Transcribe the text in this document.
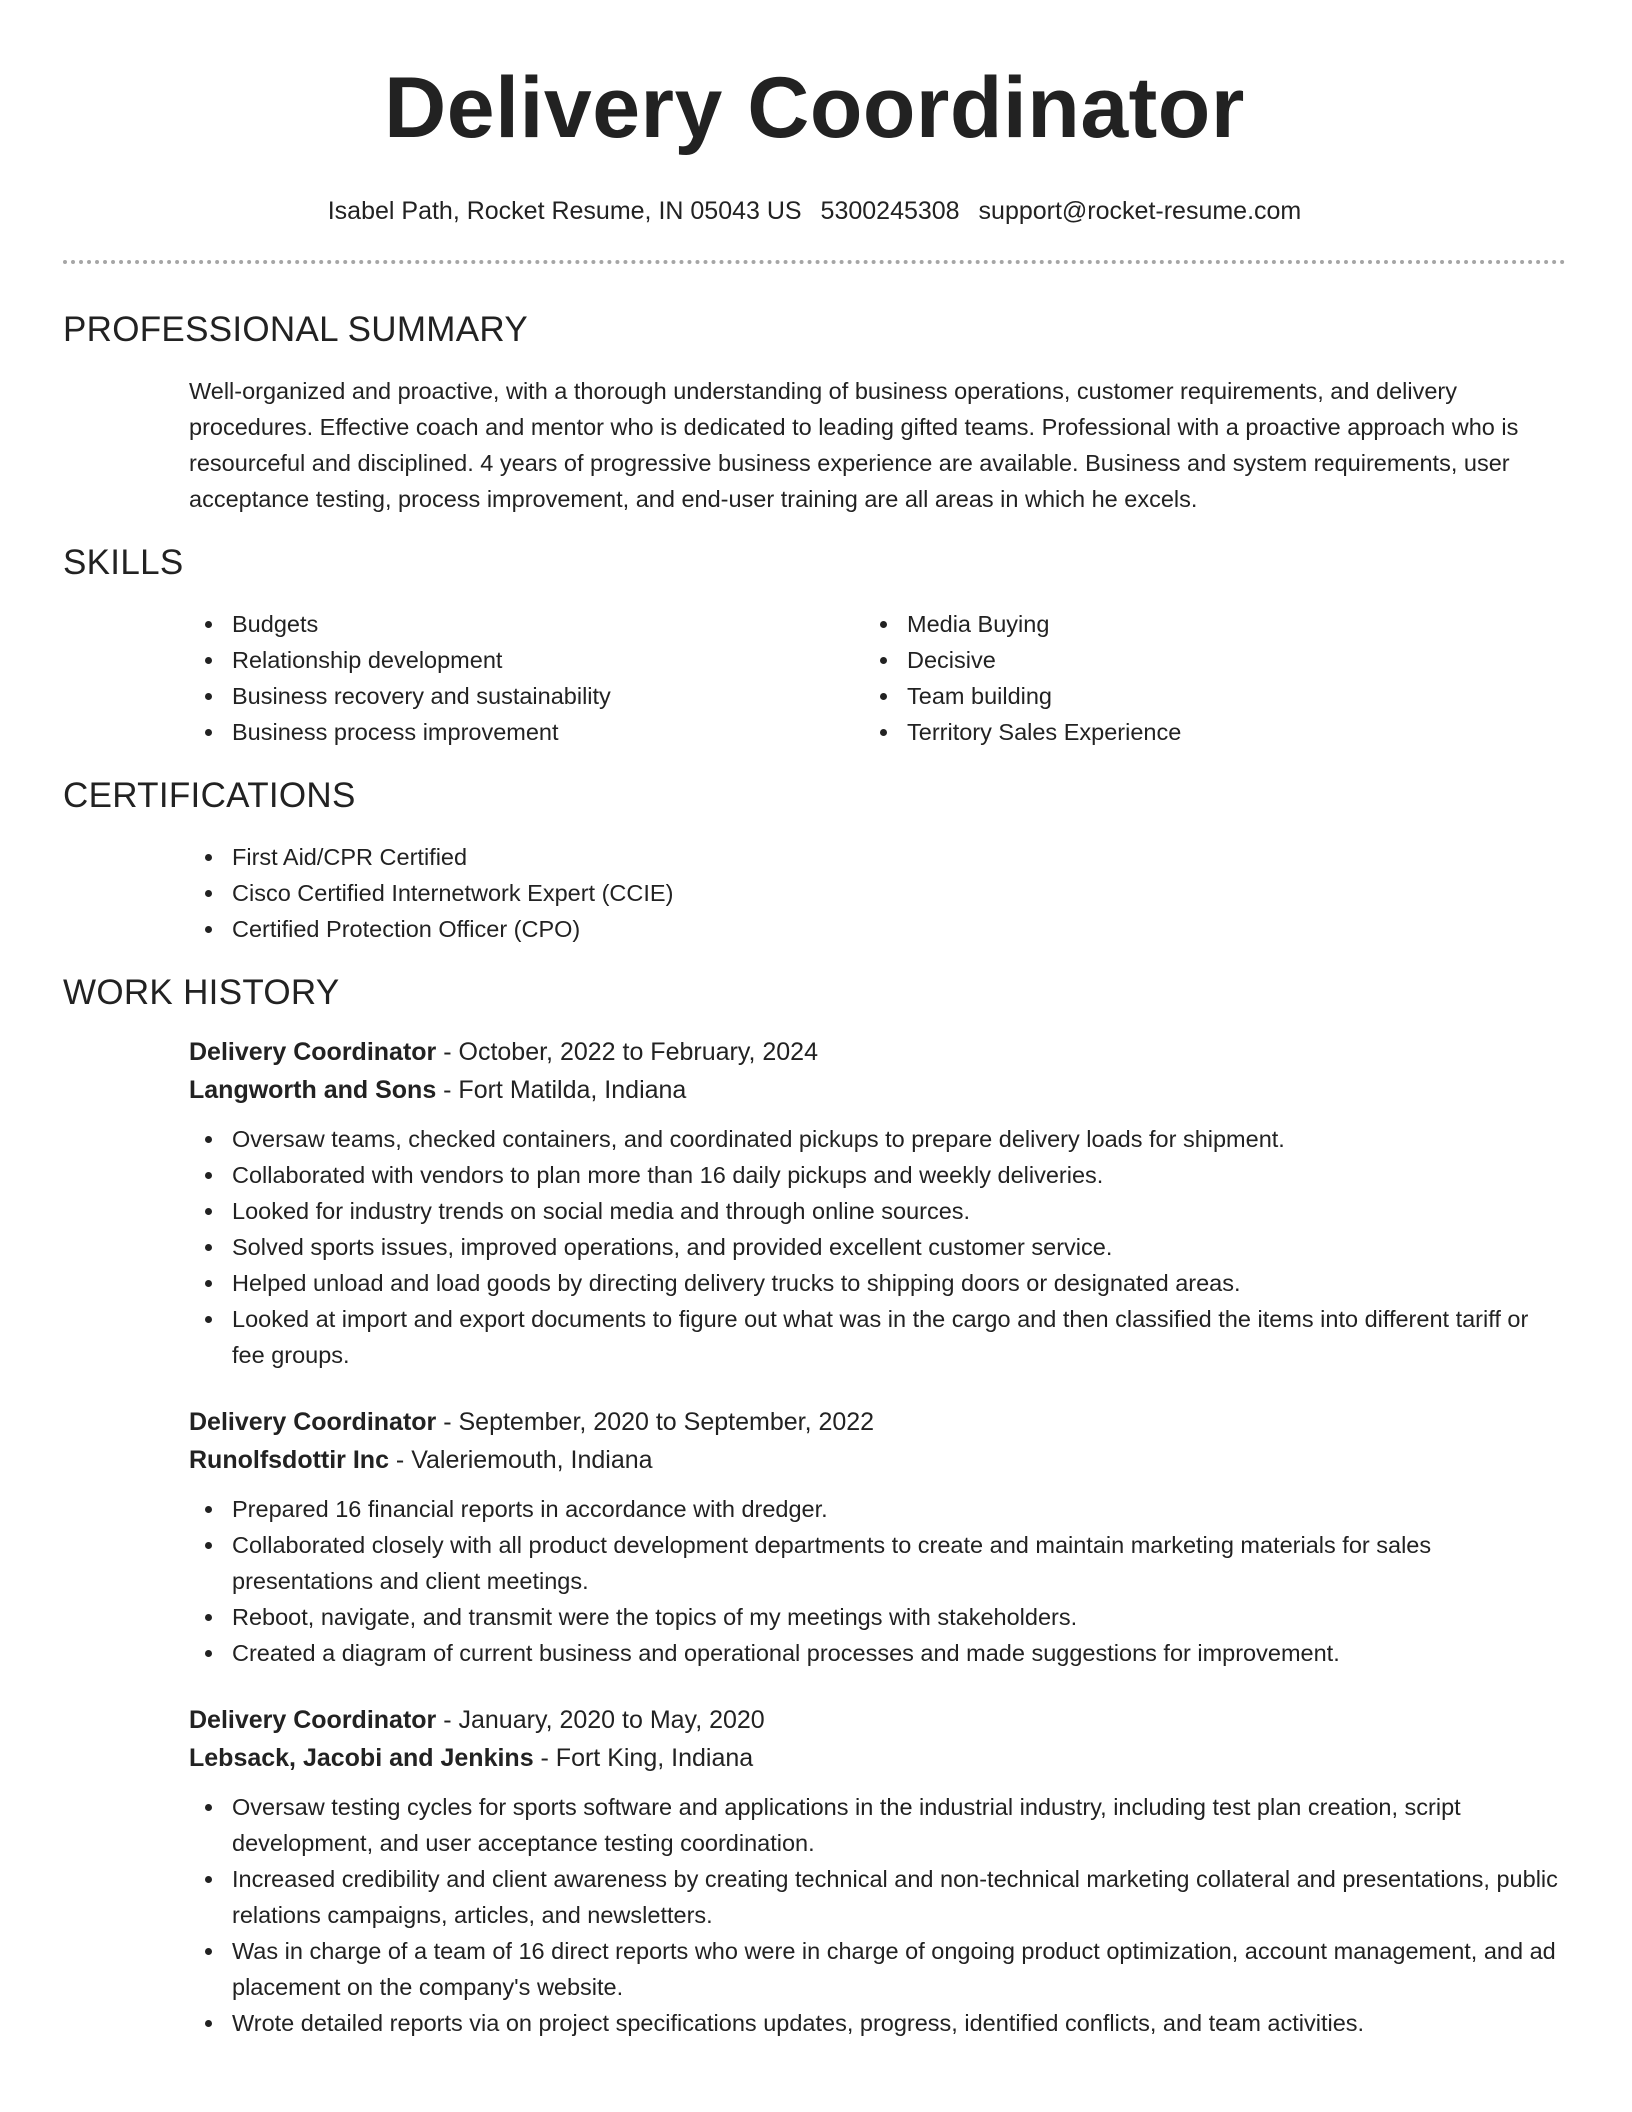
Delivery Coordinator
Isabel Path, Rocket Resume, IN 05043 US 5300245308 support@rocket-resume.com
PROFESSIONAL SUMMARY

Well-organized and proactive, with a thorough understanding of business operations, customer requirements, and delivery procedures. Effective coach and mentor who is dedicated to leading gifted teams. Professional with a proactive approach who is resourceful and disciplined. 4 years of progressive business experience are available. Business and system requirements, user acceptance testing, process improvement, and end-user training are all areas in which he excels.

SKILLS
Budgets
Relationship development
Business recovery and sustainability
Business process improvement
Media Buying
Decisive
Team building
Territory Sales Experience
CERTIFICATIONS
First Aid/CPR Certified
Cisco Certified Internetwork Expert (CCIE)
Certified Protection Officer (CPO)
WORK HISTORY
Delivery Coordinator - October, 2022 to February, 2024
Langworth and Sons - Fort Matilda, Indiana
Oversaw teams, checked containers, and coordinated pickups to prepare delivery loads for shipment.
Collaborated with vendors to plan more than 16 daily pickups and weekly deliveries.
Looked for industry trends on social media and through online sources.
Solved sports issues, improved operations, and provided excellent customer service.
Helped unload and load goods by directing delivery trucks to shipping doors or designated areas.
Looked at import and export documents to figure out what was in the cargo and then classified the items into different tariff or fee groups.
Delivery Coordinator - September, 2020 to September, 2022
Runolfsdottir Inc - Valeriemouth, Indiana
Prepared 16 financial reports in accordance with dredger.
Collaborated closely with all product development departments to create and maintain marketing materials for sales presentations and client meetings.
Reboot, navigate, and transmit were the topics of my meetings with stakeholders.
Created a diagram of current business and operational processes and made suggestions for improvement.
Delivery Coordinator - January, 2020 to May, 2020
Lebsack, Jacobi and Jenkins - Fort King, Indiana
Oversaw testing cycles for sports software and applications in the industrial industry, including test plan creation, script development, and user acceptance testing coordination.
Increased credibility and client awareness by creating technical and non-technical marketing collateral and presentations, public relations campaigns, articles, and newsletters.
Was in charge of a team of 16 direct reports who were in charge of ongoing product optimization, account management, and ad placement on the company's website.
Wrote detailed reports via on project specifications updates, progress, identified conflicts, and team activities.
